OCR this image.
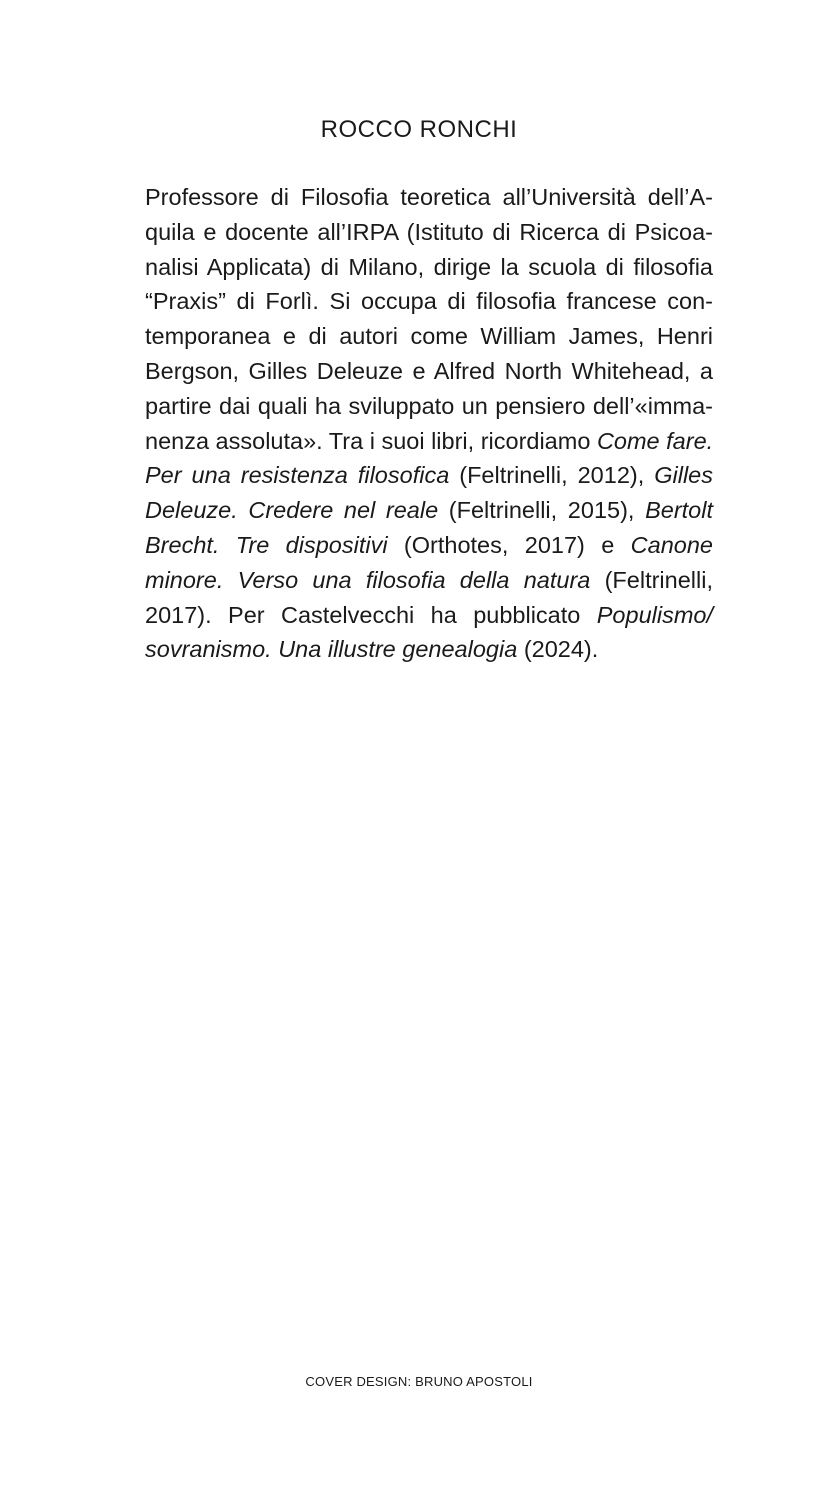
ROCCO RONCHI
Professore di Filosofia teoretica all’Università dell’A-
quila e docente all’IRPA (Istituto di Ricerca di Psicoa-
nalisi Applicata) di Milano, dirige la scuola di filosofia
“Praxis” di Forlì. Si occupa di filosofia francese con-
temporanea e di autori come William James, Henri
Bergson, Gilles Deleuze e Alfred North Whitehead, a
partire dai quali ha sviluppato un pensiero dell’«imma-
nenza assoluta». Tra i suoi libri, ricordiamo Come fare.
Per una resistenza filosofica (Feltrinelli, 2012), Gilles
Deleuze. Credere nel reale (Feltrinelli, 2015), Bertolt
Brecht. Tre dispositivi (Orthotes, 2017) e Canone
minore. Verso una filosofia della natura (Feltrinelli,
2017). Per Castelvecchi ha pubblicato Populismo/
sovranismo. Una illustre genealogia (2024).

COVER DESIGN: BRUNO APOSTOLI
